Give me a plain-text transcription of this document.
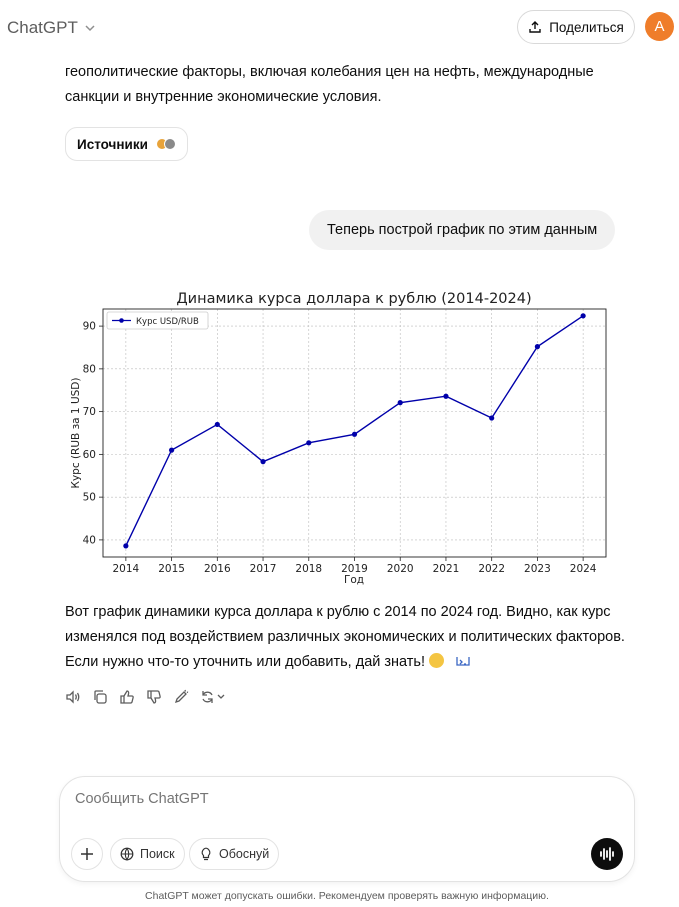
ChatGPT	Поделиться A
геополитические факторы, включая колебания цен на нефть, международные санкции и внутренние экономические условия.
Источники
Теперь построй график по этим данным
Динамика курса доллара к рублю (2014-2024)
2014 2015 2016 2017 2018 2019 2020 2021 2022 2023 2024
40
50
60
70
80
90	Курс USD/RUB
Год
Курс (RUB за 1 USD)
Вот график динамики курса доллара к рублю с 2014 по 2024 год. Видно, как курс изменялся под воздействием различных экономических и политических факторов. Если нужно что-то уточнить или добавить, дай знать!
Сообщить ChatGPT
Поиск	Обоснуй
ChatGPT может допускать ошибки. Рекомендуем проверять важную информацию.
